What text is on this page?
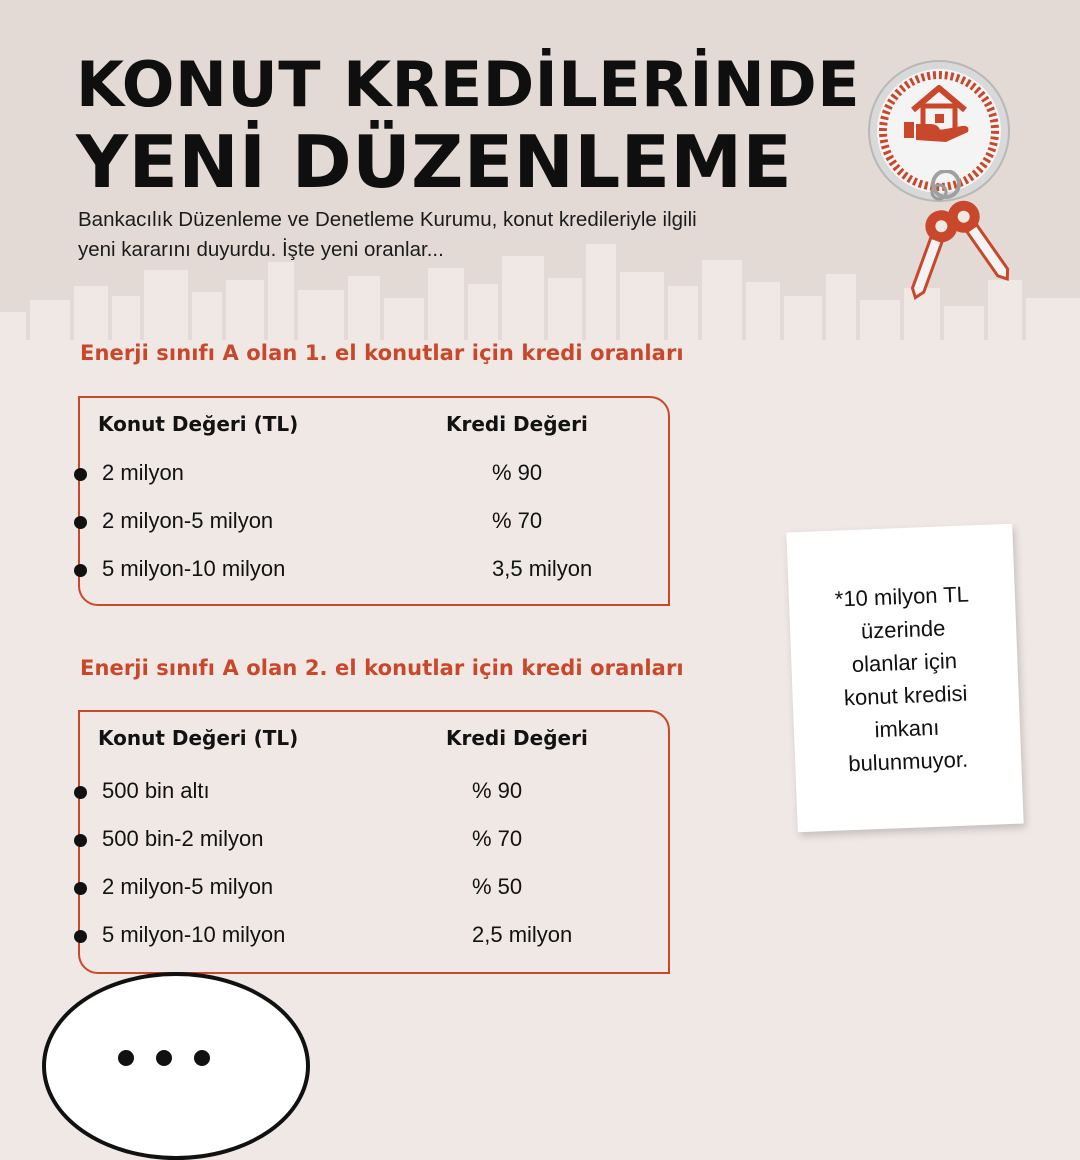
KONUT KREDİLERİNDE
YENİ DÜZENLEME
Bankacılık Düzenleme ve Denetleme Kurumu, konut kredileriyle ilgili
yeni kararını duyurdu. İşte yeni oranlar...
Enerji sınıfı A olan 1. el konutlar için kredi oranları
Konut Değeri (TL)	Kredi Değeri
2 milyon	% 90
2 milyon-5 milyon	% 70
5 milyon-10 milyon	3,5 milyon
Enerji sınıfı A olan 2. el konutlar için kredi oranları
Konut Değeri (TL)	Kredi Değeri
500 bin altı	% 90
500 bin-2 milyon	% 70
2 milyon-5 milyon	% 50
5 milyon-10 milyon	2,5 milyon
*10 milyon TL
üzerinde
olanlar için
konut kredisi
imkanı
bulunmuyor.
